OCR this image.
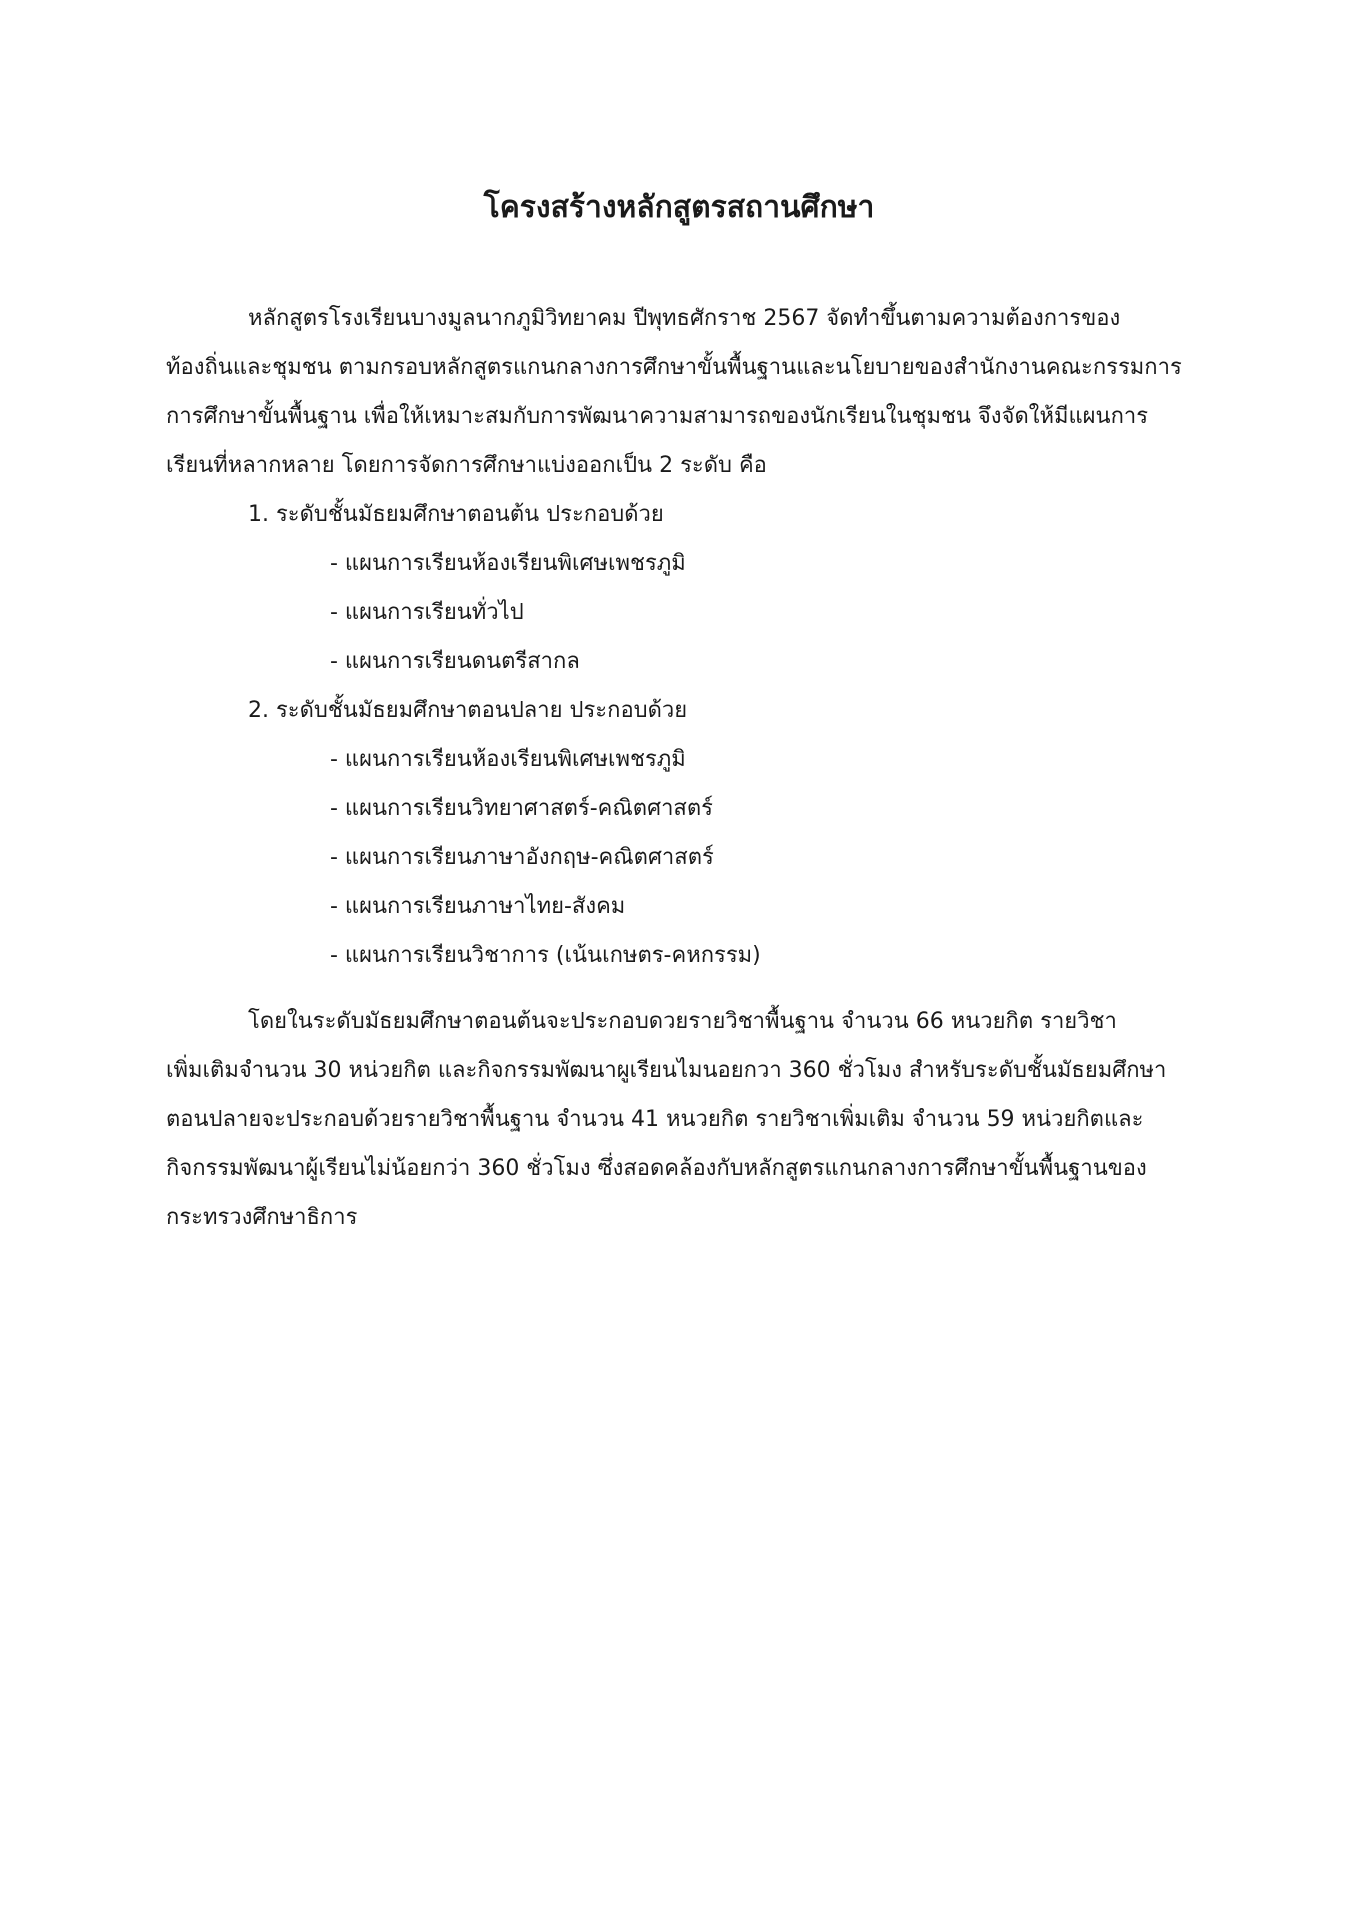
โครงสร้างหลักสูตรสถานศึกษา

หลักสูตรโรงเรียนบางมูลนากภูมิวิทยาคม ปีพุทธศักราช 2567 จัดทำขึ้นตามความต้องการของ

ท้องถิ่นและชุมชน ตามกรอบหลักสูตรแกนกลางการศึกษาขั้นพื้นฐานและนโยบายของสำนักงานคณะกรรมการ

การศึกษาขั้นพื้นฐาน เพื่อให้เหมาะสมกับการพัฒนาความสามารถของนักเรียนในชุมชน จึงจัดให้มีแผนการ

เรียนที่หลากหลาย โดยการจัดการศึกษาแบ่งออกเป็น 2 ระดับ คือ

1. ระดับชั้นมัธยมศึกษาตอนต้น ประกอบด้วย

- แผนการเรียนห้องเรียนพิเศษเพชรภูมิ

- แผนการเรียนทั่วไป

- แผนการเรียนดนตรีสากล

2. ระดับชั้นมัธยมศึกษาตอนปลาย ประกอบด้วย

- แผนการเรียนห้องเรียนพิเศษเพชรภูมิ

- แผนการเรียนวิทยาศาสตร์-คณิตศาสตร์

- แผนการเรียนภาษาอังกฤษ-คณิตศาสตร์

- แผนการเรียนภาษาไทย-สังคม

- แผนการเรียนวิชาการ (เน้นเกษตร-คหกรรม)

โดยในระดับมัธยมศึกษาตอนต้นจะประกอบดวยรายวิชาพื้นฐาน จำนวน 66 หนวยกิต รายวิชา

เพิ่มเติมจำนวน 30 หน่วยกิต และกิจกรรมพัฒนาผูเรียนไมนอยกวา 360 ชั่วโมง สำหรับระดับชั้นมัธยมศึกษา

ตอนปลายจะประกอบด้วยรายวิชาพื้นฐาน จำนวน 41 หนวยกิต รายวิชาเพิ่มเติม จำนวน 59 หน่วยกิตและ

กิจกรรมพัฒนาผู้เรียนไม่น้อยกว่า 360 ชั่วโมง ซึ่งสอดคล้องกับหลักสูตรแกนกลางการศึกษาขั้นพื้นฐานของ

กระทรวงศึกษาธิการ
